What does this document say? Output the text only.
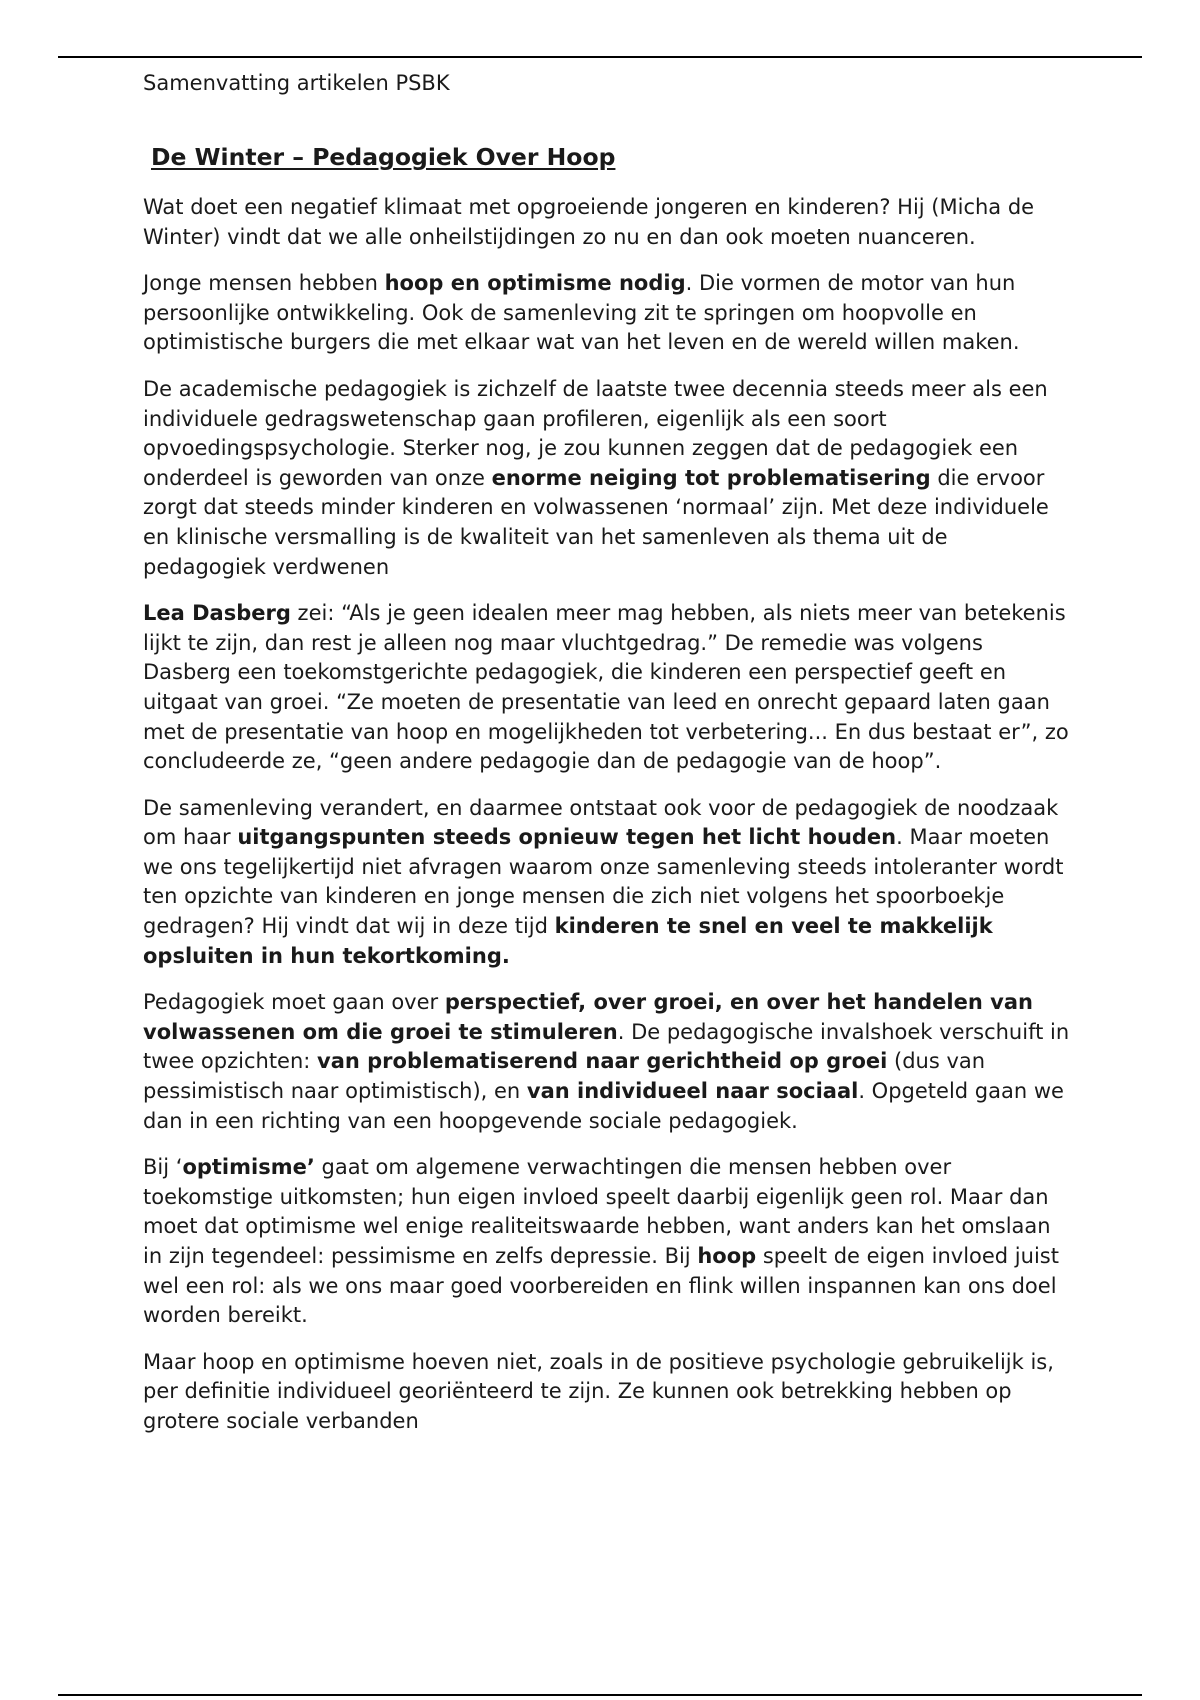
Samenvatting artikelen PSBK
De Winter – Pedagogiek Over Hoop

Wat doet een negatief klimaat met opgroeiende jongeren en kinderen? Hij (Micha de Winter) vindt dat we alle onheilstijdingen zo nu en dan ook moeten nuanceren.

Jonge mensen hebben hoop en optimisme nodig. Die vormen de motor van hun persoonlijke ontwikkeling. Ook de samenleving zit te springen om hoopvolle en optimistische burgers die met elkaar wat van het leven en de wereld willen maken.

De academische pedagogiek is zichzelf de laatste twee decennia steeds meer als een individuele gedragswetenschap gaan profileren, eigenlijk als een soort opvoedingspsychologie. Sterker nog, je zou kunnen zeggen dat de pedagogiek een onderdeel is geworden van onze enorme neiging tot problematisering die ervoor zorgt dat steeds minder kinderen en volwassenen ‘normaal’ zijn. Met deze individuele en klinische versmalling is de kwaliteit van het samenleven als thema uit de pedagogiek verdwenen

Lea Dasberg zei: “Als je geen idealen meer mag hebben, als niets meer van betekenis lijkt te zijn, dan rest je alleen nog maar vluchtgedrag.” De remedie was volgens Dasberg een toekomstgerichte pedagogiek, die kinderen een perspectief geeft en uitgaat van groei. “Ze moeten de presentatie van leed en onrecht gepaard laten gaan met de presentatie van hoop en mogelijkheden tot verbetering... En dus bestaat er”, zo concludeerde ze, “geen andere pedagogie dan de pedagogie van de hoop”.

De samenleving verandert, en daarmee ontstaat ook voor de pedagogiek de noodzaak om haar uitgangspunten steeds opnieuw tegen het licht houden. Maar moeten we ons tegelijkertijd niet afvragen waarom onze samenleving steeds intoleranter wordt ten opzichte van kinderen en jonge mensen die zich niet volgens het spoorboekje gedragen? Hij vindt dat wij in deze tijd kinderen te snel en veel te makkelijk opsluiten in hun tekortkoming.

Pedagogiek moet gaan over perspectief, over groei, en over het handelen van volwassenen om die groei te stimuleren. De pedagogische invalshoek verschuift in twee opzichten: van problematiserend naar gerichtheid op groei (dus van pessimistisch naar optimistisch), en van individueel naar sociaal. Opgeteld gaan we dan in een richting van een hoopgevende sociale pedagogiek.

Bij ‘optimisme’ gaat om algemene verwachtingen die mensen hebben over toekomstige uitkomsten; hun eigen invloed speelt daarbij eigenlijk geen rol. Maar dan moet dat optimisme wel enige realiteitswaarde hebben, want anders kan het omslaan in zijn tegendeel: pessimisme en zelfs depressie. Bij hoop speelt de eigen invloed juist wel een rol: als we ons maar goed voorbereiden en flink willen inspannen kan ons doel worden bereikt.

Maar hoop en optimisme hoeven niet, zoals in de positieve psychologie gebruikelijk is, per definitie individueel georiënteerd te zijn. Ze kunnen ook betrekking hebben op grotere sociale verbanden
